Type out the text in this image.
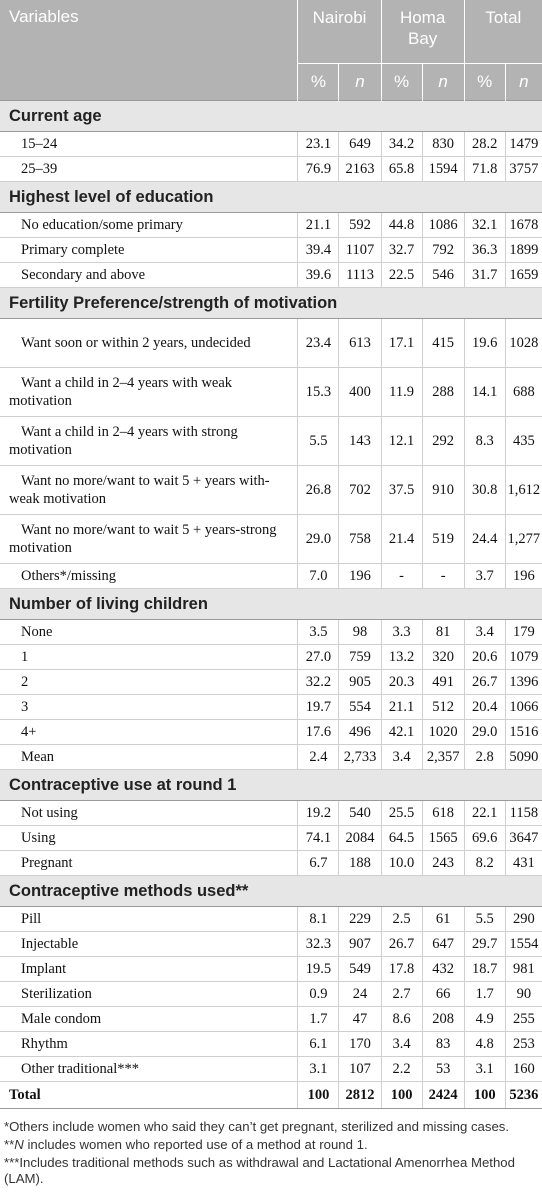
Variables	Nairobi		Homa Bay		Total	
	%	n	%	n	%	n
Current age						
15–24	23.1	649	34.2	830	28.2	1479
25–39	76.9	2163	65.8	1594	71.8	3757
Highest level of education						
No education/some primary	21.1	592	44.8	1086	32.1	1678
Primary complete	39.4	1107	32.7	792	36.3	1899
Secondary and above	39.6	1113	22.5	546	31.7	1659
Fertility Preference/strength of motivation						
Want soon or within 2 years, undecided	23.4	613	17.1	415	19.6	1028
Want a child in 2–4 years with weak motivation	15.3	400	11.9	288	14.1	688
Want a child in 2–4 years with strong motivation	5.5	143	12.1	292	8.3	435
Want no more/want to wait 5 + years with-weak motivation	26.8	702	37.5	910	30.8	1,612
Want no more/want to wait 5 + years-strong motivation	29.0	758	21.4	519	24.4	1,277
Others*/missing	7.0	196	-	-	3.7	196
Number of living children						
None	3.5	98	3.3	81	3.4	179
1	27.0	759	13.2	320	20.6	1079
2	32.2	905	20.3	491	26.7	1396
3	19.7	554	21.1	512	20.4	1066
4+	17.6	496	42.1	1020	29.0	1516
Mean	2.4	2,733	3.4	2,357	2.8	5090
Contraceptive use at round 1						
Not using	19.2	540	25.5	618	22.1	1158
Using	74.1	2084	64.5	1565	69.6	3647
Pregnant	6.7	188	10.0	243	8.2	431
Contraceptive methods used**						
Pill	8.1	229	2.5	61	5.5	290
Injectable	32.3	907	26.7	647	29.7	1554
Implant	19.5	549	17.8	432	18.7	981
Sterilization	0.9	24	2.7	66	1.7	90
Male condom	1.7	47	8.6	208	4.9	255
Rhythm	6.1	170	3.4	83	4.8	253
Other traditional***	3.1	107	2.2	53	3.1	160
Total	100	2812	100	2424	100	5236

*Others include women who said they can’t get pregnant, sterilized and missing cases.

**N includes women who reported use of a method at round 1.

***Includes traditional methods such as withdrawal and Lactational Amenorrhea Method (LAM).
